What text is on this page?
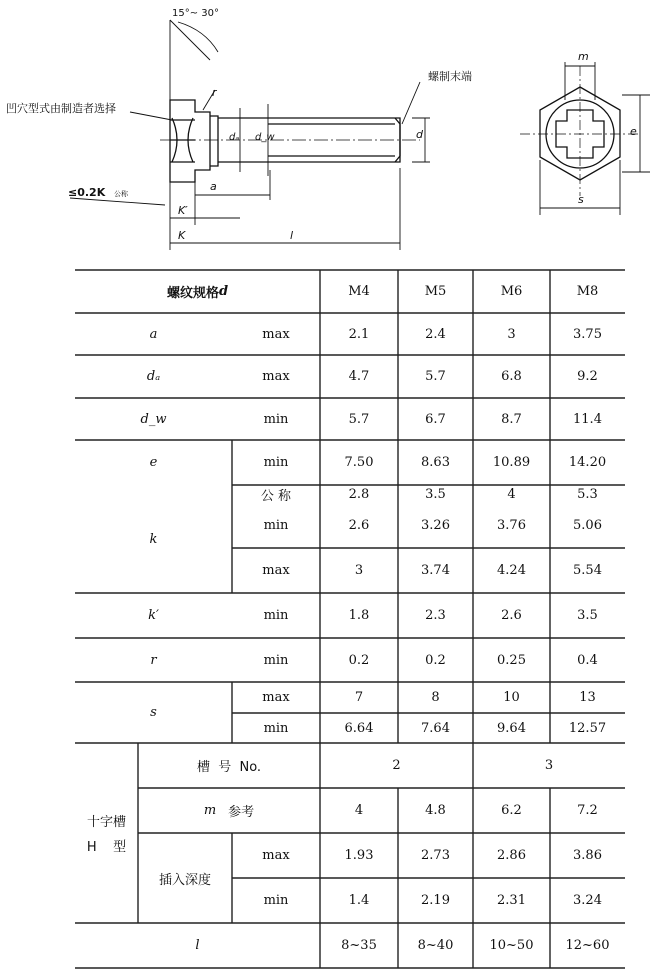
15°~ 30°
凹穴型式由制造者选择
螺制末端
≤0.2K 公称
r
dₐ d_w	d
a
K′
K	l
m
e
s
螺纹规格 d	M4	M5	M6	M8
a	max	2.1	2.4	3	3.75
dₐ	max	4.7	5.7	6.8	9.2
d_w	min	5.7	6.7	8.7	11.4
e	min	7.50	8.63	10.89	14.20
k
公 称	2.8	3.5	4	5.3
min	2.6	3.26	3.76	5.06
max	3	3.74	4.24	5.54
k′	min	1.8	2.3	2.6	3.5
r	min	0.2	0.2	0.25	0.4
s
max	7	8	10	13
min	6.64	7.64	9.64	12.57
十字槽
H    型
槽  号  No.	2	3
m 参考	4	4.8	6.2	7.2
插入深度
max	1.93	2.73	2.86	3.86
min	1.4	2.19	2.31	3.24
l	8~35	8~40	10~50	12~60
